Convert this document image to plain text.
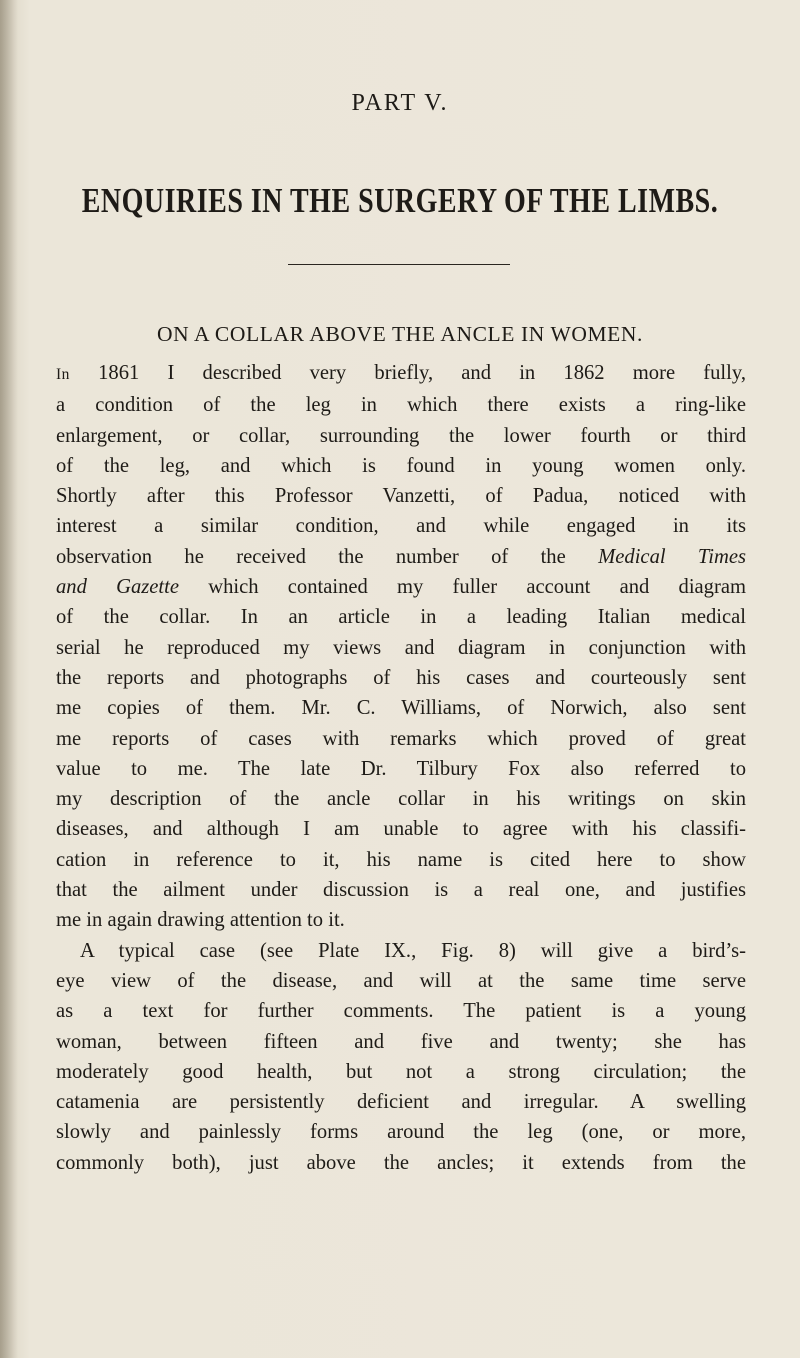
PART V.
ENQUIRIES IN THE SURGERY OF THE LIMBS.
ON A COLLAR ABOVE THE ANCLE IN WOMEN.
In 1861 I described very briefly, and in 1862 more fully,
a condition of the leg in which there exists a ring-like
enlargement, or collar, surrounding the lower fourth or third
of the leg, and which is found in young women only.
Shortly after this Professor Vanzetti, of Padua, noticed with
interest a similar condition, and while engaged in its
observation he received the number of the Medical Times
and Gazette which contained my fuller account and diagram
of the collar. In an article in a leading Italian medical
serial he reproduced my views and diagram in conjunction with
the reports and photographs of his cases and courteously sent
me copies of them. Mr. C. Williams, of Norwich, also sent
me reports of cases with remarks which proved of great
value to me. The late Dr. Tilbury Fox also referred to
my description of the ancle collar in his writings on skin
diseases, and although I am unable to agree with his classifi-
cation in reference to it, his name is cited here to show
that the ailment under discussion is a real one, and justifies
me in again drawing attention to it.
A typical case (see Plate IX., Fig. 8) will give a bird’s-
eye view of the disease, and will at the same time serve
as a text for further comments. The patient is a young
woman, between fifteen and five and twenty; she has
moderately good health, but not a strong circulation; the
catamenia are persistently deficient and irregular. A swelling
slowly and painlessly forms around the leg (one, or more,
commonly both), just above the ancles; it extends from the
